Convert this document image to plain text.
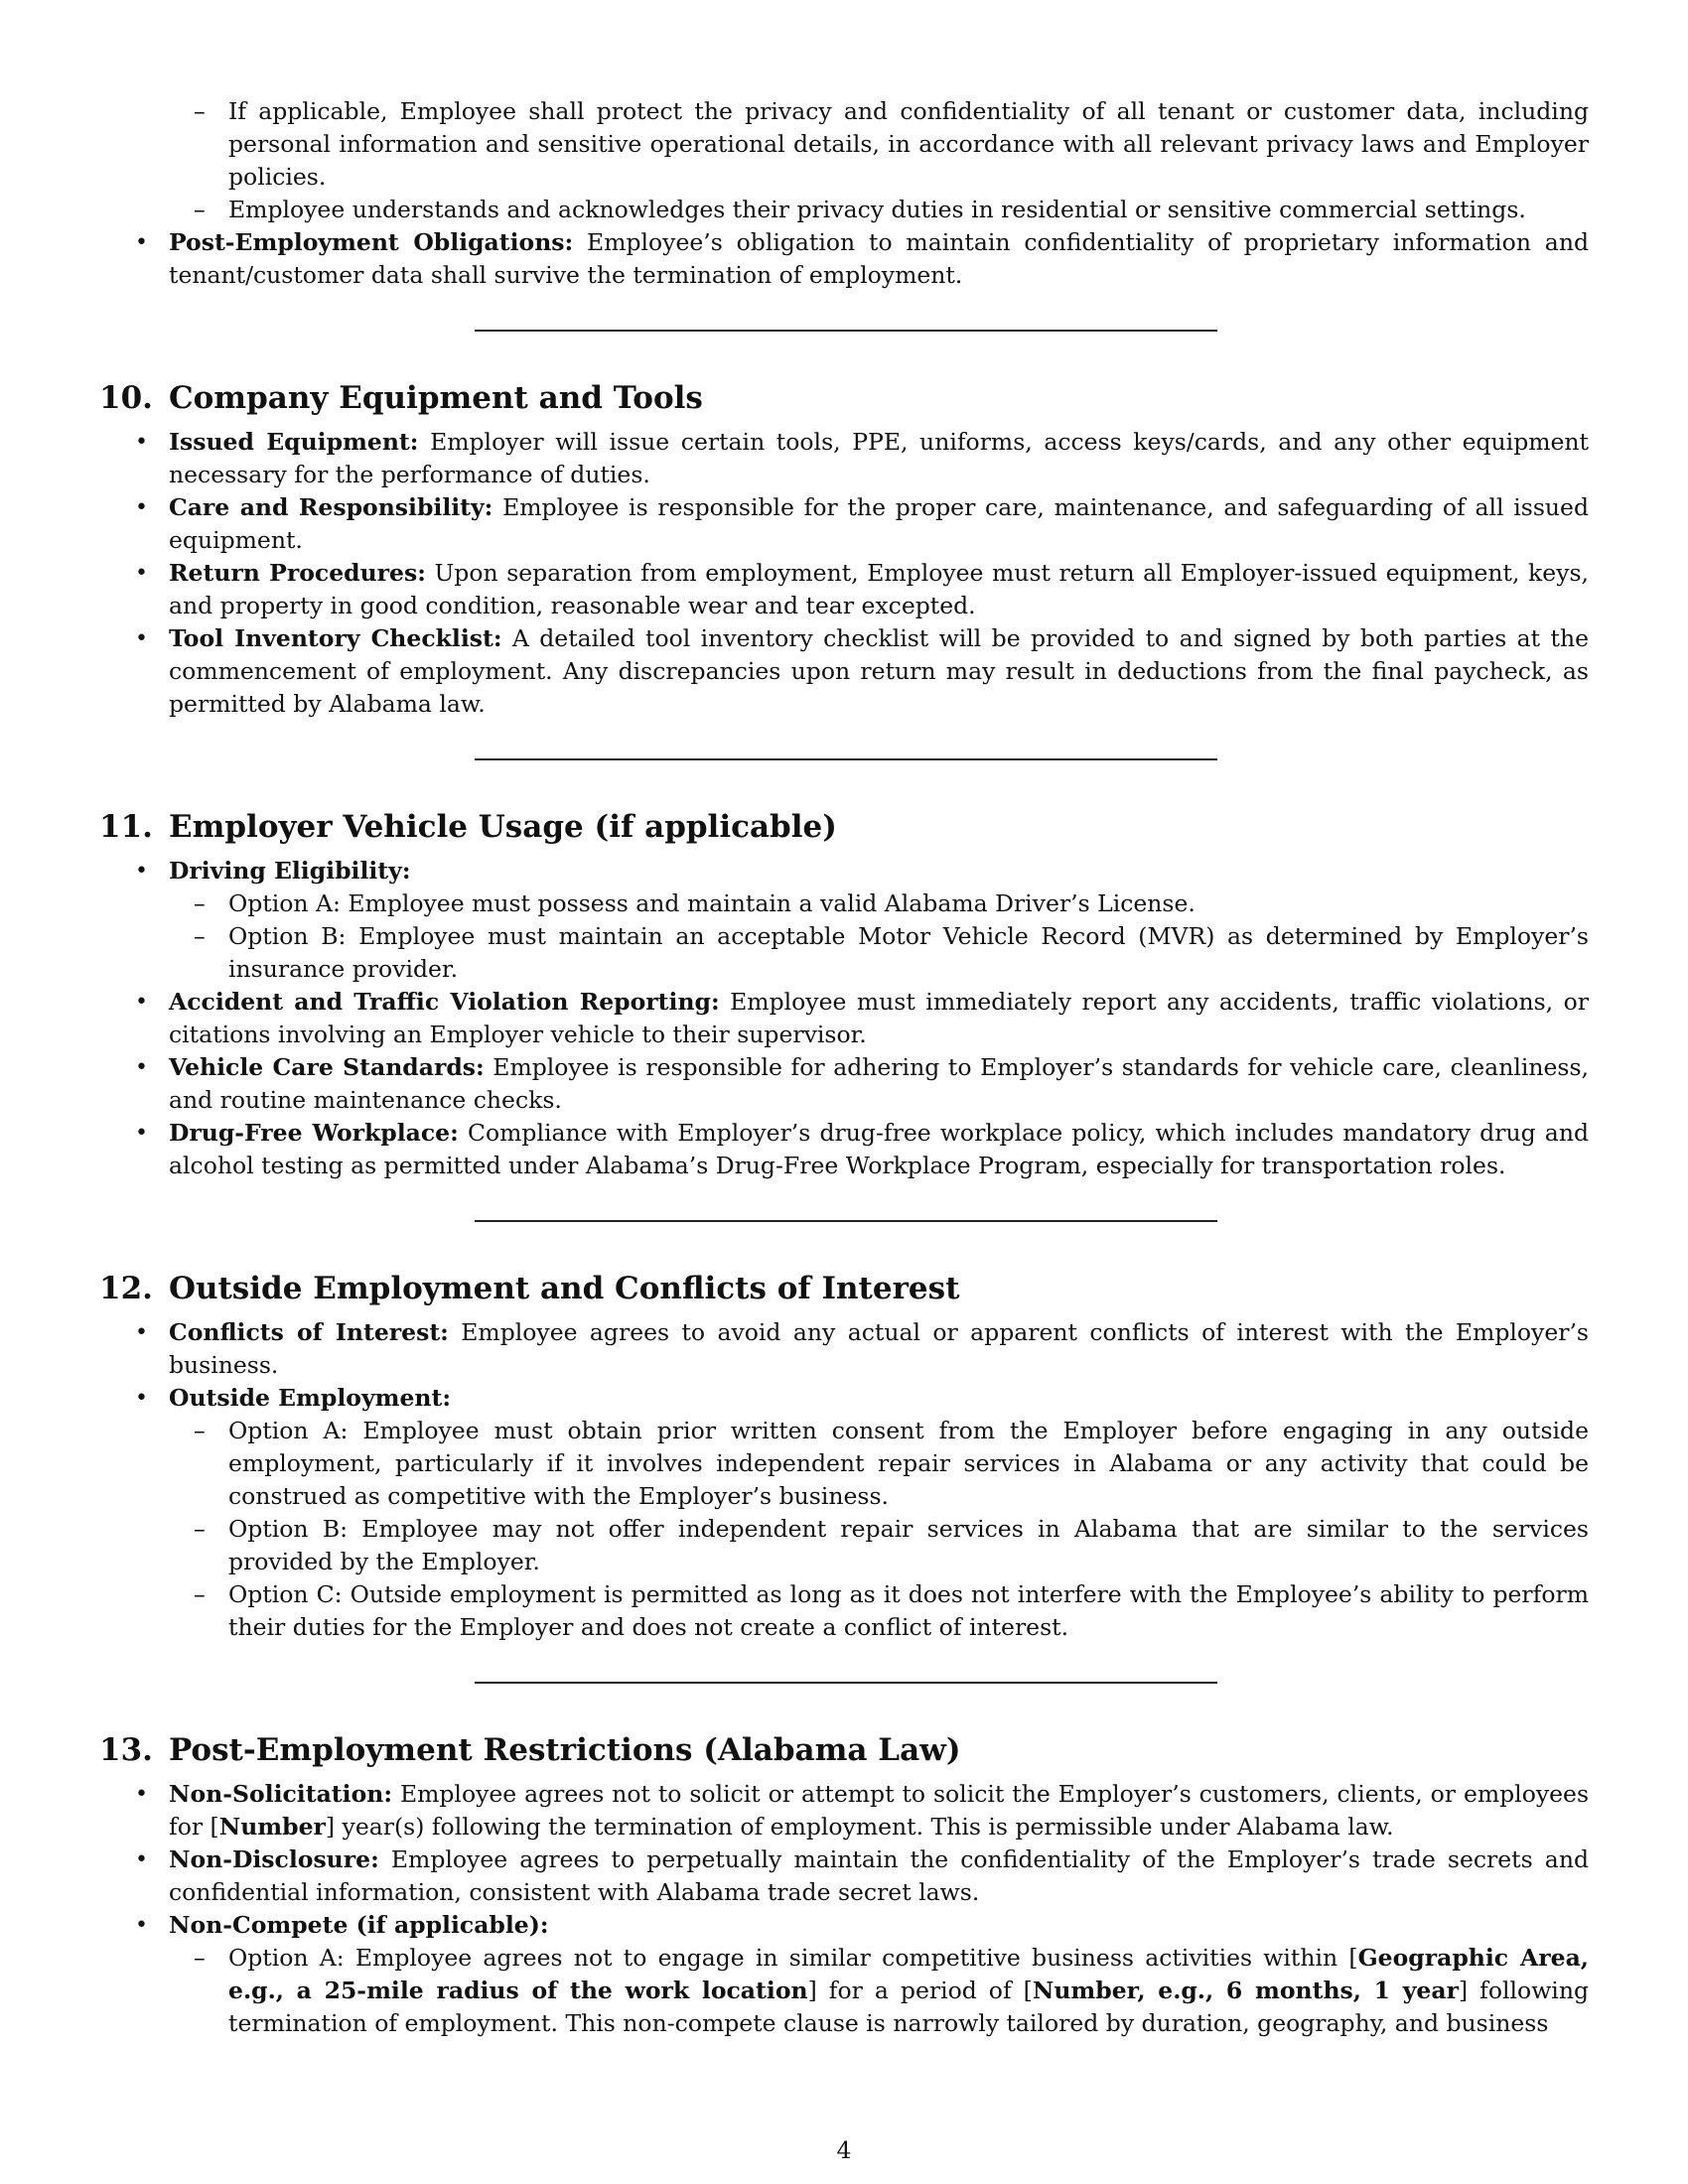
– If applicable, Employee shall protect the privacy and confidentiality of all tenant or customer data, including personal information and sensitive operational details, in accordance with all relevant privacy laws and Employer policies.
– Employee understands and acknowledges their privacy duties in residential or sensitive commercial settings.
• Post-Employment Obligations: Employee’s obligation to maintain confidentiality of proprietary information and tenant/customer data shall survive the termination of employment.
10. Company Equipment and Tools
• Issued Equipment: Employer will issue certain tools, PPE, uniforms, access keys/cards, and any other equipment necessary for the performance of duties.
• Care and Responsibility: Employee is responsible for the proper care, maintenance, and safeguarding of all issued equipment.
• Return Procedures: Upon separation from employment, Employee must return all Employer-issued equipment, keys, and property in good condition, reasonable wear and tear excepted.
• Tool Inventory Checklist: A detailed tool inventory checklist will be provided to and signed by both parties at the commencement of employment. Any discrepancies upon return may result in deductions from the final paycheck, as permitted by Alabama law.
11. Employer Vehicle Usage (if applicable)
• Driving Eligibility:
– Option A: Employee must possess and maintain a valid Alabama Driver’s License.
– Option B: Employee must maintain an acceptable Motor Vehicle Record (MVR) as determined by Employer’s insurance provider.
• Accident and Traffic Violation Reporting: Employee must immediately report any accidents, traffic violations, or citations involving an Employer vehicle to their supervisor.
• Vehicle Care Standards: Employee is responsible for adhering to Employer’s standards for vehicle care, cleanliness, and routine maintenance checks.
• Drug-Free Workplace: Compliance with Employer’s drug-free workplace policy, which includes mandatory drug and alcohol testing as permitted under Alabama’s Drug-Free Workplace Program, especially for transportation roles.
12. Outside Employment and Conflicts of Interest
• Conflicts of Interest: Employee agrees to avoid any actual or apparent conflicts of interest with the Employer’s business.
• Outside Employment:
– Option A: Employee must obtain prior written consent from the Employer before engaging in any outside employment, particularly if it involves independent repair services in Alabama or any activity that could be construed as competitive with the Employer’s business.
– Option B: Employee may not offer independent repair services in Alabama that are similar to the services provided by the Employer.
– Option C: Outside employment is permitted as long as it does not interfere with the Employee’s ability to perform their duties for the Employer and does not create a conflict of interest.
13. Post-Employment Restrictions (Alabama Law)
• Non-Solicitation: Employee agrees not to solicit or attempt to solicit the Employer’s customers, clients, or employees for [Number] year(s) following the termination of employment. This is permissible under Alabama law.
• Non-Disclosure: Employee agrees to perpetually maintain the confidentiality of the Employer’s trade secrets and confidential information, consistent with Alabama trade secret laws.
• Non-Compete (if applicable):
– Option A: Employee agrees not to engage in similar competitive business activities within [Geographic Area, e.g., a 25-mile radius of the work location] for a period of [Number, e.g., 6 months, 1 year] following termination of employment. This non-compete clause is narrowly tailored by duration, geography, and business
4
